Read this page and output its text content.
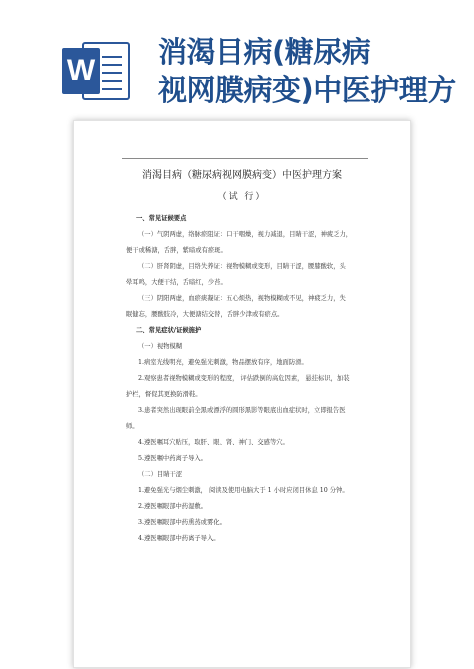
W
消渴目病(糖尿病
视网膜病变)中医护理方
消渴目病（糖尿病视网膜病变）中医护理方案
（试 行）

一、常见证候要点

（一）气阴两虚，络脉瘀阻证：口干咽燥，视力减退，目睛干涩，神疲乏力，

便干或稀溏，舌胖，紫暗或有瘀斑。

（二）肝肾阴虚，目络失养证：视物模糊或变形，目睛干涩，腰膝酸软，头

晕耳鸣，大便干结，舌暗红，少苔。

（三）阴阳两虚，血瘀痰凝证：五心烦热，视物模糊或不见，神疲乏力，失

眠健忘，腰酸肢冷，大便溏结交替，舌胖少津或有瘀点。

二、常见症状/证候施护

（一）视物模糊

1.病室光线明亮，避免强光刺激，物品摆放有序，地面防滑。

2.观察患者视物模糊或变形的程度， 评估跌倒的高危因素， 悬挂标识，加装

护栏，督促其更换防滑鞋。

3.患者突然出现眼前全黑或漂浮的圆形黑影等眼底出血症状时，立即报告医

师。

4.遵医嘱耳穴贴压，取肝、眼、肾、神门、交感等穴。

5.遵医嘱中药离子导入。

（二）目睛干涩

1.避免强光与烟尘刺激， 阅读及使用电脑大于 1 小时应闭目休息 10 分钟。

2.遵医嘱眼部中药湿敷。

3.遵医嘱眼部中药熏蒸或雾化。

4.遵医嘱眼部中药离子导入。
